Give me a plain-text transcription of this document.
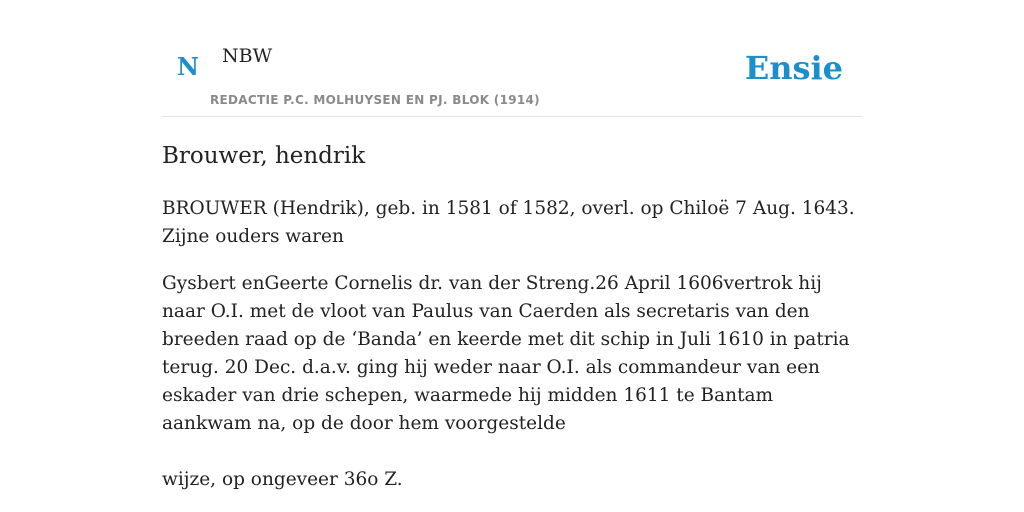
N NBW
REDACTIE P.C. MOLHUYSEN EN PJ. BLOK (1914)
Ensie
Brouwer, hendrik

BROUWER (Hendrik), geb. in 1581 of 1582, overl. op Chiloë 7 Aug. 1643. Zijne ouders waren

Gysbert enGeerte Cornelis dr. van der Streng.26 April 1606vertrok hij naar O.I. met de vloot van Paulus van Caerden als secretaris van den breeden raad op de ‘Banda’ en keerde met dit schip in Juli 1610 in patria terug. 20 Dec. d.a.v. ging hij weder naar O.I. als commandeur van een eskader van drie schepen, waarmede hij midden 1611 te Bantam aankwam na, op de door hem voorgestelde

wijze, op ongeveer 36o Z.
